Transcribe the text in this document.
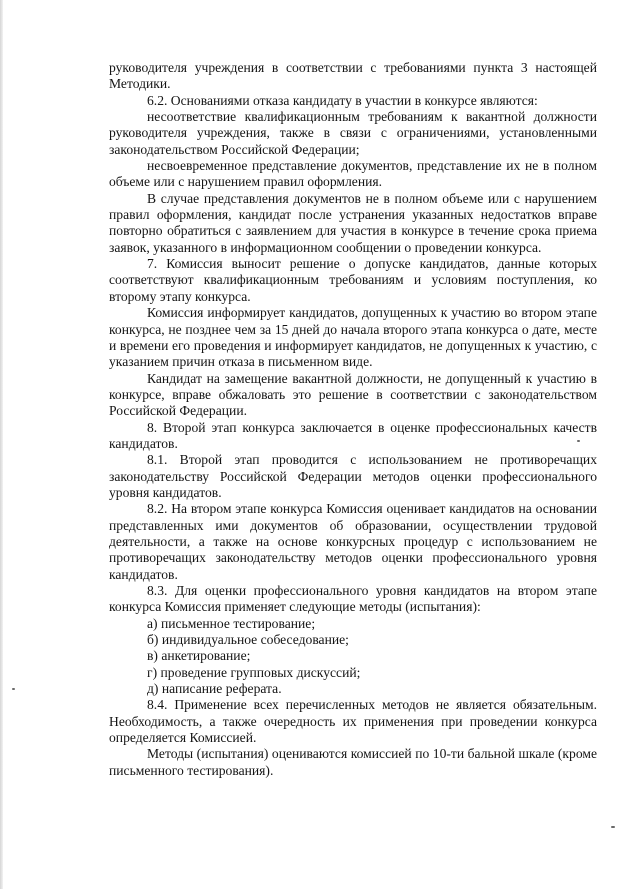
руководителя учреждения в соответствии с требованиями пункта 3 настоящей Методики.

6.2. Основаниями отказа кандидату в участии в конкурсе являются:

несоответствие квалификационным требованиям к вакантной должности руководителя учреждения, также в связи с ограничениями, установленными законодательством Российской Федерации;

несвоевременное представление документов, представление их не в полном объеме или с нарушением правил оформления.

В случае представления документов не в полном объеме или с нарушением правил оформления, кандидат после устранения указанных недостатков вправе повторно обратиться с заявлением для участия в конкурсе в течение срока приема заявок, указанного в информационном сообщении о проведении конкурса.

7. Комиссия выносит решение о допуске кандидатов, данные которых соответствуют квалификационным требованиям и условиям поступления, ко второму этапу конкурса.

Комиссия информирует кандидатов, допущенных к участию во втором этапе конкурса, не позднее чем за 15 дней до начала второго этапа конкурса о дате, месте и времени его проведения и информирует кандидатов, не допущенных к участию, с указанием причин отказа в письменном виде.

Кандидат на замещение вакантной должности, не допущенный к участию в конкурсе, вправе обжаловать это решение в соответствии с законодательством Российской Федерации.

8. Второй этап конкурса заключается в оценке профессиональных качеств кандидатов.

8.1. Второй этап проводится с использованием не противоречащих законодательству Российской Федерации методов оценки профессионального уровня кандидатов.

8.2. На втором этапе конкурса Комиссия оценивает кандидатов на основании представленных ими документов об образовании, осуществлении трудовой деятельности, а также на основе конкурсных процедур с использованием не противоречащих законодательству методов оценки профессионального уровня кандидатов.

8.3. Для оценки профессионального уровня кандидатов на втором этапе конкурса Комиссия применяет следующие методы (испытания):

а) письменное тестирование;

б) индивидуальное собеседование;

в) анкетирование;

г) проведение групповых дискуссий;

д) написание реферата.

8.4. Применение всех перечисленных методов не является обязательным. Необходимость, а также очередность их применения при проведении конкурса определяется Комиссией.

Методы (испытания) оцениваются комиссией по 10-ти бальной шкале (кроме письменного тестирования).
